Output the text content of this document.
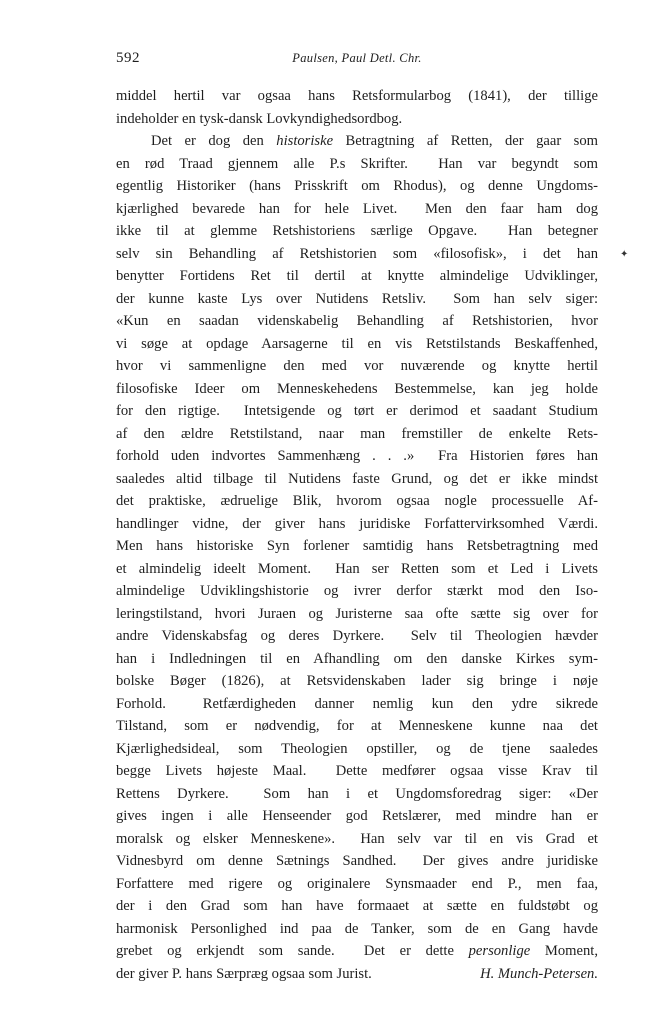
592	Paulsen, Paul Detl. Chr.
✦
middel hertil var ogsaa hans Retsformularbog (1841), der tillige
indeholder en tysk-dansk Lovkyndighedsordbog.
Det er dog den historiske Betragtning af Retten, der gaar som
en rød Traad gjennem alle P.s Skrifter.  Han var begyndt som
egentlig Historiker (hans Prisskrift om Rhodus), og denne Ungdoms-
kjærlighed bevarede han for hele Livet.  Men den faar ham dog
ikke til at glemme Retshistoriens særlige Opgave.  Han betegner
selv sin Behandling af Retshistorien som «filosofisk», i det han
benytter Fortidens Ret til dertil at knytte almindelige Udviklinger,
der kunne kaste Lys over Nutidens Retsliv.  Som han selv siger:
«Kun en saadan videnskabelig Behandling af Retshistorien, hvor
vi søge at opdage Aarsagerne til en vis Retstilstands Beskaffenhed,
hvor vi sammenligne den med vor nuværende og knytte hertil
filosofiske Ideer om Menneskehedens Bestemmelse, kan jeg holde
for den rigtige.  Intetsigende og tørt er derimod et saadant Studium
af den ældre Retstilstand, naar man fremstiller de enkelte Rets-
forhold uden indvortes Sammenhæng . . .»  Fra Historien føres han
saaledes altid tilbage til Nutidens faste Grund, og det er ikke mindst
det praktiske, ædruelige Blik, hvorom ogsaa nogle processuelle Af-
handlinger vidne, der giver hans juridiske Forfattervirksomhed Værdi.
Men hans historiske Syn forlener samtidig hans Retsbetragtning med
et almindelig ideelt Moment.  Han ser Retten som et Led i Livets
almindelige Udviklingshistorie og ivrer derfor stærkt mod den Iso-
leringstilstand, hvori Juraen og Juristerne saa ofte sætte sig over for
andre Videnskabsfag og deres Dyrkere.  Selv til Theologien hævder
han i Indledningen til en Afhandling om den danske Kirkes sym-
bolske Bøger (1826), at Retsvidenskaben lader sig bringe i nøje
Forhold.  Retfærdigheden danner nemlig kun den ydre sikrede
Tilstand, som er nødvendig, for at Menneskene kunne naa det
Kjærlighedsideal, som Theologien opstiller, og de tjene saaledes
begge Livets højeste Maal.  Dette medfører ogsaa visse Krav til
Rettens Dyrkere.  Som han i et Ungdomsforedrag siger: «Der
gives ingen i alle Henseender god Retslærer, med mindre han er
moralsk og elsker Menneskene».  Han selv var til en vis Grad et
Vidnesbyrd om denne Sætnings Sandhed.  Der gives andre juridiske
Forfattere med rigere og originalere Synsmaader end P., men faa,
der i den Grad som han have formaaet at sætte en fuldstøbt og
harmonisk Personlighed ind paa de Tanker, som de en Gang havde
grebet og erkjendt som sande.  Det er dette personlige Moment,
der giver P. hans Særpræg ogsaa som Jurist.	H. Munch-Petersen.
